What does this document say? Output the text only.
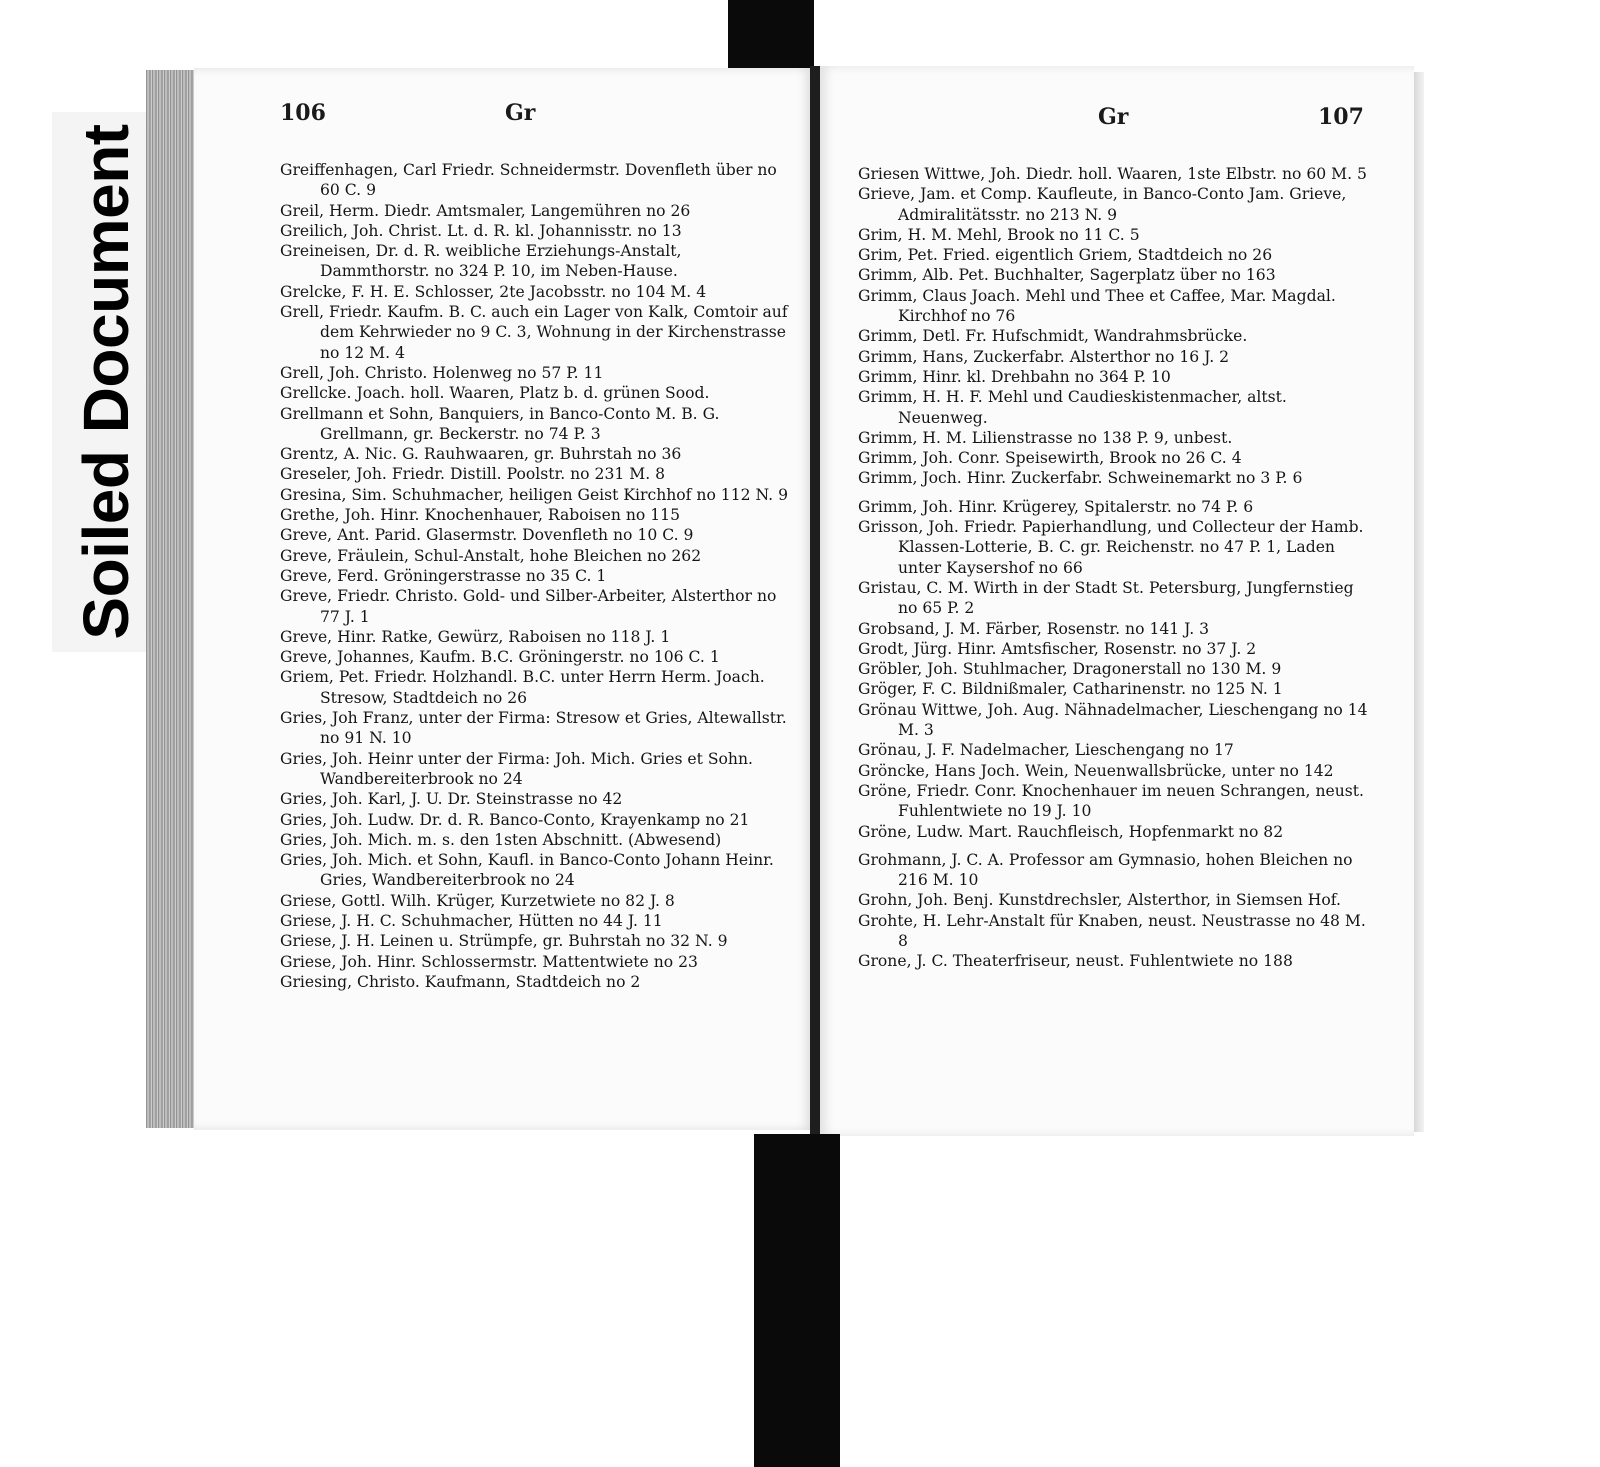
Soiled Document
106	Gr	Gr	107
Greiffenhagen, Carl Friedr. Schneidermstr. Dovenfleth über no 60 C. 9
Greil, Herm. Diedr. Amtsmaler, Langemühren no 26
Greilich, Joh. Christ. Lt. d. R. kl. Johannisstr. no 13
Greineisen, Dr. d. R. weibliche Erziehungs-Anstalt, Dammthorstr. no 324 P. 10, im Neben-Hause.
Grelcke, F. H. E. Schlosser, 2te Jacobsstr. no 104 M. 4
Grell, Friedr. Kaufm. B. C. auch ein Lager von Kalk, Comtoir auf dem Kehrwieder no 9 C. 3, Wohnung in der Kirchenstrasse no 12 M. 4
Grell, Joh. Christo. Holenweg no 57 P. 11
Grellcke. Joach. holl. Waaren, Platz b. d. grünen Sood.
Grellmann et Sohn, Banquiers, in Banco-Conto M. B. G. Grellmann, gr. Beckerstr. no 74 P. 3
Grentz, A. Nic. G. Rauhwaaren, gr. Buhrstah no 36
Greseler, Joh. Friedr. Distill. Poolstr. no 231 M. 8
Gresina, Sim. Schuhmacher, heiligen Geist Kirchhof no 112 N. 9
Grethe, Joh. Hinr. Knochenhauer, Raboisen no 115
Greve, Ant. Parid. Glasermstr. Dovenfleth no 10 C. 9
Greve, Fräulein, Schul-Anstalt, hohe Bleichen no 262
Greve, Ferd. Gröningerstrasse no 35 C. 1
Greve, Friedr. Christo. Gold- und Silber-Arbeiter, Alsterthor no 77 J. 1
Greve, Hinr. Ratke, Gewürz, Raboisen no 118 J. 1
Greve, Johannes, Kaufm. B.C. Gröningerstr. no 106 C. 1
Griem, Pet. Friedr. Holzhandl. B.C. unter Herrn Herm. Joach. Stresow, Stadtdeich no 26
Gries, Joh Franz, unter der Firma: Stresow et Gries, Altewallstr. no 91 N. 10
Gries, Joh. Heinr unter der Firma: Joh. Mich. Gries et Sohn. Wandbereiterbrook no 24
Gries, Joh. Karl, J. U. Dr. Steinstrasse no 42
Gries, Joh. Ludw. Dr. d. R. Banco-Conto, Krayenkamp no 21
Gries, Joh. Mich. m. s. den 1sten Abschnitt. (Abwesend)
Gries, Joh. Mich. et Sohn, Kaufl. in Banco-Conto Johann Heinr. Gries, Wandbereiterbrook no 24
Griese, Gottl. Wilh. Krüger, Kurzetwiete no 82 J. 8
Griese, J. H. C. Schuhmacher, Hütten no 44 J. 11
Griese, J. H. Leinen u. Strümpfe, gr. Buhrstah no 32 N. 9
Griese, Joh. Hinr. Schlossermstr. Mattentwiete no 23
Griesing, Christo. Kaufmann, Stadtdeich no 2
Griesen Wittwe, Joh. Diedr. holl. Waaren, 1ste Elbstr. no 60 M. 5
Grieve, Jam. et Comp. Kaufleute, in Banco-Conto Jam. Grieve, Admiralitätsstr. no 213 N. 9
Grim, H. M. Mehl, Brook no 11 C. 5
Grim, Pet. Fried. eigentlich Griem, Stadtdeich no 26
Grimm, Alb. Pet. Buchhalter, Sagerplatz über no 163
Grimm, Claus Joach. Mehl und Thee et Caffee, Mar. Magdal. Kirchhof no 76
Grimm, Detl. Fr. Hufschmidt, Wandrahmsbrücke.
Grimm, Hans, Zuckerfabr. Alsterthor no 16 J. 2
Grimm, Hinr. kl. Drehbahn no 364 P. 10
Grimm, H. H. F. Mehl und Caudieskistenmacher, altst. Neuenweg.
Grimm, H. M. Lilienstrasse no 138 P. 9, unbest.
Grimm, Joh. Conr. Speisewirth, Brook no 26 C. 4
Grimm, Joch. Hinr. Zuckerfabr. Schweinemarkt no 3 P. 6
Grimm, Joh. Hinr. Krügerey, Spitalerstr. no 74 P. 6
Grisson, Joh. Friedr. Papierhandlung, und Collecteur der Hamb. Klassen-Lotterie, B. C. gr. Reichenstr. no 47 P. 1, Laden unter Kaysershof no 66
Gristau, C. M. Wirth in der Stadt St. Petersburg, Jungfernstieg no 65 P. 2
Grobsand, J. M. Färber, Rosenstr. no 141 J. 3
Grodt, Jürg. Hinr. Amtsfischer, Rosenstr. no 37 J. 2
Gröbler, Joh. Stuhlmacher, Dragonerstall no 130 M. 9
Gröger, F. C. Bildnißmaler, Catharinenstr. no 125 N. 1
Grönau Wittwe, Joh. Aug. Nähnadelmacher, Lieschengang no 14 M. 3
Grönau, J. F. Nadelmacher, Lieschengang no 17
Gröncke, Hans Joch. Wein, Neuenwallsbrücke, unter no 142
Gröne, Friedr. Conr. Knochenhauer im neuen Schrangen, neust. Fuhlentwiete no 19 J. 10
Gröne, Ludw. Mart. Rauchfleisch, Hopfenmarkt no 82
Grohmann, J. C. A. Professor am Gymnasio, hohen Bleichen no 216 M. 10
Grohn, Joh. Benj. Kunstdrechsler, Alsterthor, in Siemsen Hof.
Grohte, H. Lehr-Anstalt für Knaben, neust. Neustrasse no 48 M. 8
Grone, J. C. Theaterfriseur, neust. Fuhlentwiete no 188
